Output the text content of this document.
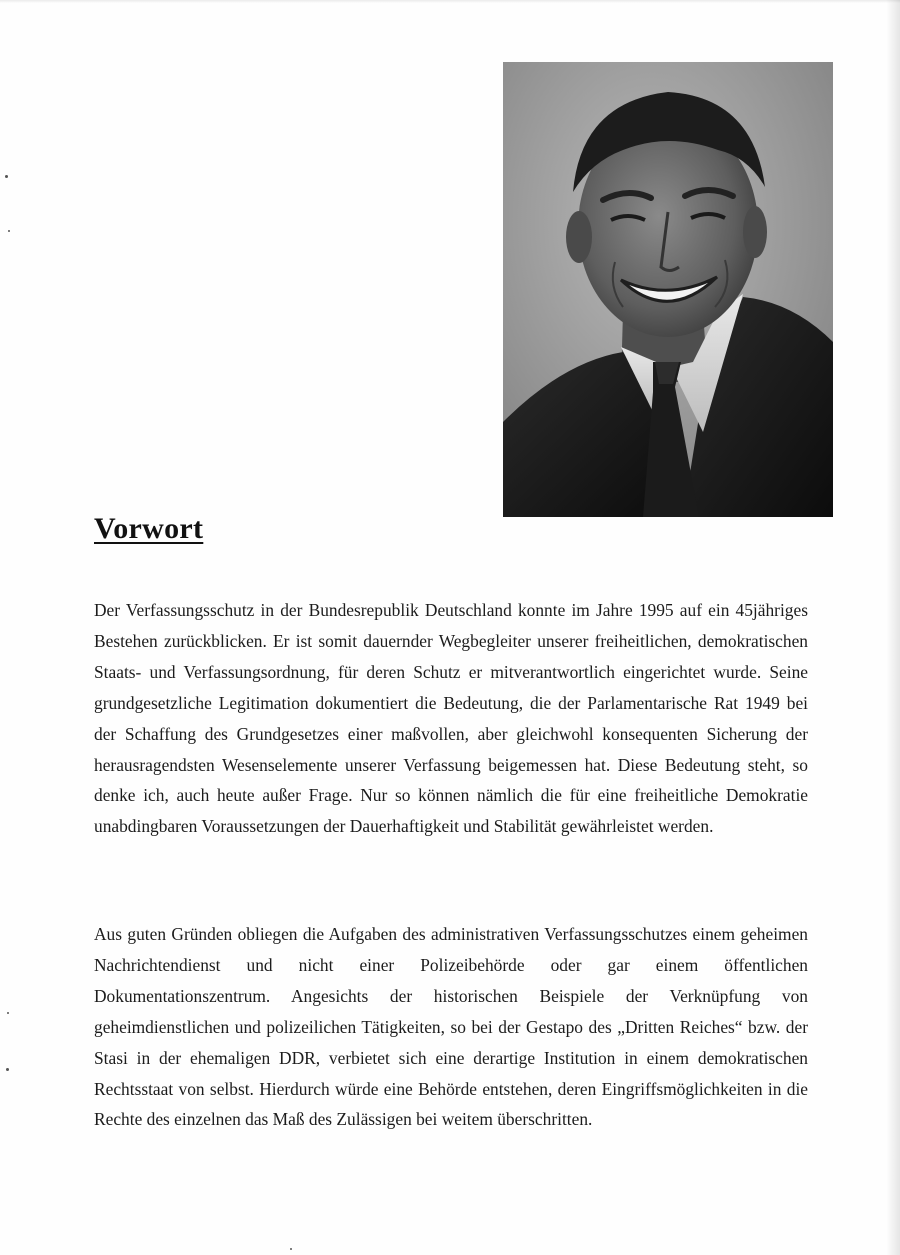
Vorwort

Der Verfassungsschutz in der Bundesrepublik Deutschland konnte im Jahre 1995 auf ein 45jähriges Bestehen zurückblicken. Er ist somit dauernder Wegbegleiter unserer freiheitlichen, demokratischen Staats- und Verfassungsordnung, für deren Schutz er mitverantwortlich eingerichtet wurde. Seine grundgesetzliche Legitimation dokumentiert die Bedeutung, die der Parlamentarische Rat 1949 bei der Schaffung des Grundgesetzes einer maßvollen, aber gleichwohl konsequenten Sicherung der herausragendsten Wesenselemente unserer Verfassung beigemessen hat. Diese Bedeutung steht, so denke ich, auch heute außer Frage. Nur so können nämlich die für eine freiheitliche Demokratie unabdingbaren Voraussetzungen der Dauerhaftigkeit und Stabilität gewährleistet werden.

Aus guten Gründen obliegen die Aufgaben des administrativen Verfassungsschutzes einem geheimen Nachrichtendienst und nicht einer Polizeibehörde oder gar einem öffentlichen Dokumentationszentrum. Angesichts der historischen Beispiele der Verknüpfung von geheimdienstlichen und polizeilichen Tätigkeiten, so bei der Gestapo des „Dritten Reiches“ bzw. der Stasi in der ehemaligen DDR, verbietet sich eine derartige Institution in einem demokratischen Rechtsstaat von selbst. Hierdurch würde eine Behörde entstehen, deren Eingriffsmöglichkeiten in die Rechte des einzelnen das Maß des Zulässigen bei weitem überschritten.
